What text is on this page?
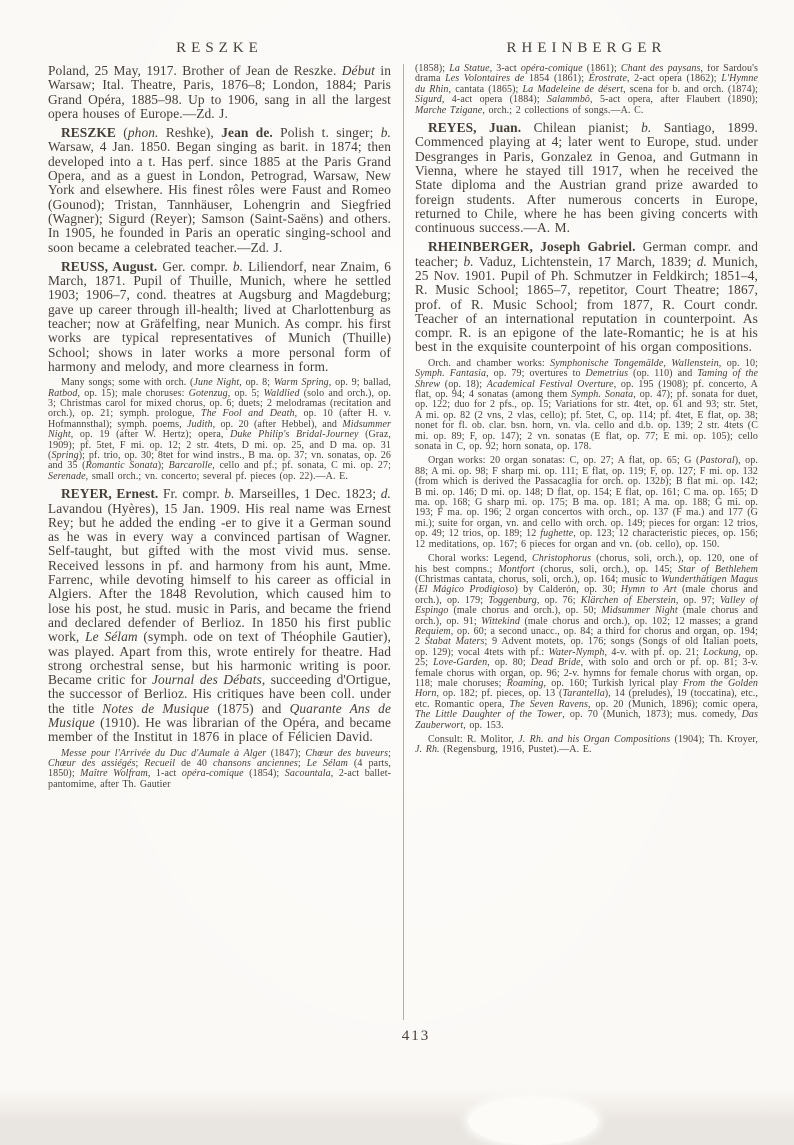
RESZKE	RHEINBERGER

Poland, 25 May, 1917. Brother of Jean de Reszke. Début in Warsaw; Ital. Theatre, Paris, 1876–8; London, 1884; Paris Grand Opéra, 1885–98. Up to 1906, sang in all the largest opera houses of Europe.—Zd. J.

RESZKE (phon. Reshke), Jean de. Polish t. singer; b. Warsaw, 4 Jan. 1850. Began singing as barit. in 1874; then developed into a t. Has perf. since 1885 at the Paris Grand Opera, and as a guest in London, Petrograd, Warsaw, New York and elsewhere. His finest rôles were Faust and Romeo (Gounod); Tristan, Tannhäuser, Lohengrin and Siegfried (Wagner); Sigurd (Reyer); Samson (Saint-Saëns) and others. In 1905, he founded in Paris an operatic singing-school and soon became a celebrated teacher.—Zd. J.

REUSS, August. Ger. compr. b. Liliendorf, near Znaim, 6 March, 1871. Pupil of Thuille, Munich, where he settled 1903; 1906–7, cond. theatres at Augsburg and Magdeburg; gave up career through ill-health; lived at Charlottenburg as teacher; now at Gräfelfing, near Munich. As compr. his first works are typical representatives of Munich (Thuille) School; shows in later works a more personal form of harmony and melody, and more clearness in form.

Many songs; some with orch. (June Night, op. 8; Warm Spring, op. 9; ballad, Ratbod, op. 15); male choruses: Gotenzug, op. 5; Waldlied (solo and orch.), op. 3; Christmas carol for mixed chorus, op. 6; duets; 2 melodramas (recitation and orch.), op. 21; symph. prologue, The Fool and Death, op. 10 (after H. v. Hofmannsthal); symph. poems, Judith, op. 20 (after Hebbel), and Midsummer Night, op. 19 (after W. Hertz); opera, Duke Philip's Bridal-Journey (Graz, 1909); pf. 5tet, F mi. op. 12; 2 str. 4tets, D mi. op. 25, and D ma. op. 31 (Spring); pf. trio, op. 30; 8tet for wind instrs., B ma. op. 37; vn. sonatas, op. 26 and 35 (Romantic Sonata); Barcarolle, cello and pf.; pf. sonata, C mi. op. 27; Serenade, small orch.; vn. concerto; several pf. pieces (op. 22).—A. E.

REYER, Ernest. Fr. compr. b. Marseilles, 1 Dec. 1823; d. Lavandou (Hyères), 15 Jan. 1909. His real name was Ernest Rey; but he added the ending -er to give it a German sound as he was in every way a convinced partisan of Wagner. Self-taught, but gifted with the most vivid mus. sense. Received lessons in pf. and harmony from his aunt, Mme. Farrenc, while devoting himself to his career as official in Algiers. After the 1848 Revolution, which caused him to lose his post, he stud. music in Paris, and became the friend and declared defender of Berlioz. In 1850 his first public work, Le Sélam (symph. ode on text of Théophile Gautier), was played. Apart from this, wrote entirely for theatre. Had strong orchestral sense, but his harmonic writing is poor. Became critic for Journal des Débats, succeeding d'Ortigue, the successor of Berlioz. His critiques have been coll. under the title Notes de Musique (1875) and Quarante Ans de Musique (1910). He was librarian of the Opéra, and became member of the Institut in 1876 in place of Félicien David.

Messe pour l'Arrivée du Duc d'Aumale à Alger (1847); Chœur des buveurs; Chœur des assiégés; Recueil de 40 chansons anciennes; Le Sélam (4 parts, 1850); Maître Wolfram, 1-act opéra-comique (1854); Sacountala, 2-act ballet-pantomime, after Th. Gautier

(1858); La Statue, 3-act opéra-comique (1861); Chant des paysans, for Sardou's drama Les Volontaires de 1854 (1861); Érostrate, 2-act opera (1862); L'Hymne du Rhin, cantata (1865); La Madeleine de désert, scena for b. and orch. (1874); Sigurd, 4-act opera (1884); Salammbô, 5-act opera, after Flaubert (1890); Marche Tzigane, orch.; 2 collections of songs.—A. C.

REYES, Juan. Chilean pianist; b. Santiago, 1899. Commenced playing at 4; later went to Europe, stud. under Desgranges in Paris, Gonzalez in Genoa, and Gutmann in Vienna, where he stayed till 1917, when he received the State diploma and the Austrian grand prize awarded to foreign students. After numerous concerts in Europe, returned to Chile, where he has been giving concerts with continuous success.—A. M.

RHEINBERGER, Joseph Gabriel. German compr. and teacher; b. Vaduz, Lichtenstein, 17 March, 1839; d. Munich, 25 Nov. 1901. Pupil of Ph. Schmutzer in Feldkirch; 1851–4, R. Music School; 1865–7, repetitor, Court Theatre; 1867, prof. of R. Music School; from 1877, R. Court condr. Teacher of an international reputation in counterpoint. As compr. R. is an epigone of the late-Romantic; he is at his best in the exquisite counterpoint of his organ compositions.

Orch. and chamber works: Symphonische Tongemälde, Wallenstein, op. 10; Symph. Fantasia, op. 79; overtures to Demetrius (op. 110) and Taming of the Shrew (op. 18); Academical Festival Overture, op. 195 (1908); pf. concerto, A flat, op. 94; 4 sonatas (among them Symph. Sonata, op. 47); pf. sonata for duet, op. 122; duo for 2 pfs., op. 15; Variations for str. 4tet, op. 61 and 93; str. 5tet, A mi. op. 82 (2 vns, 2 vlas, cello); pf. 5tet, C, op. 114; pf. 4tet, E flat, op. 38; nonet for fl. ob. clar. bsn. horn, vn. vla. cello and d.b. op. 139; 2 str. 4tets (C mi. op. 89; F, op. 147); 2 vn. sonatas (E flat, op. 77; E mi. op. 105); cello sonata in C, op. 92; horn sonata, op. 178.

Organ works: 20 organ sonatas: C, op. 27; A flat, op. 65; G (Pastoral), op. 88; A mi. op. 98; F sharp mi. op. 111; E flat, op. 119; F, op. 127; F mi. op. 132 (from which is derived the Passacaglia for orch. op. 132b); B flat mi. op. 142; B mi. op. 146; D mi. op. 148; D flat, op. 154; E flat, op. 161; C ma. op. 165; D ma. op. 168; G sharp mi. op. 175; B ma. op. 181; A ma. op. 188; G mi. op. 193; F ma. op. 196; 2 organ concertos with orch., op. 137 (F ma.) and 177 (G mi.); suite for organ, vn. and cello with orch. op. 149; pieces for organ: 12 trios, op. 49; 12 trios, op. 189; 12 fughette, op. 123; 12 characteristic pieces, op. 156; 12 meditations, op. 167; 6 pieces for organ and vn. (ob. cello), op. 150.

Choral works: Legend, Christophorus (chorus, soli, orch.), op. 120, one of his best compns.; Montfort (chorus, soli, orch.), op. 145; Star of Bethlehem (Christmas cantata, chorus, soli, orch.), op. 164; music to Wunderthätigen Magus (El Mágico Prodigioso) by Calderón, op. 30; Hymn to Art (male chorus and orch.), op. 179; Toggenburg, op. 76; Klärchen of Eberstein, op. 97; Valley of Espingo (male chorus and orch.), op. 50; Midsummer Night (male chorus and orch.), op. 91; Wittekind (male chorus and orch.), op. 102; 12 masses; a grand Requiem, op. 60; a second unacc., op. 84; a third for chorus and organ, op. 194; 2 Stabat Maters; 9 Advent motets, op. 176; songs (Songs of old Italian poets, op. 129); vocal 4tets with pf.: Water-Nymph, 4-v. with pf. op. 21; Lockung, op. 25; Love-Garden, op. 80; Dead Bride, with solo and orch or pf. op. 81; 3-v. female chorus with organ, op. 96; 2-v. hymns for female chorus with organ, op. 118; male choruses; Roaming, op. 160; Turkish lyrical play From the Golden Horn, op. 182; pf. pieces, op. 13 (Tarantella), 14 (preludes), 19 (toccatina), etc., etc. Romantic opera, The Seven Ravens, op. 20 (Munich, 1896); comic opera, The Little Daughter of the Tower, op. 70 (Munich, 1873); mus. comedy, Das Zauberwort, op. 153.

Consult: R. Molitor, J. Rh. and his Organ Compositions (1904); Th. Kroyer, J. Rh. (Regensburg, 1916, Pustet).—A. E.

413
